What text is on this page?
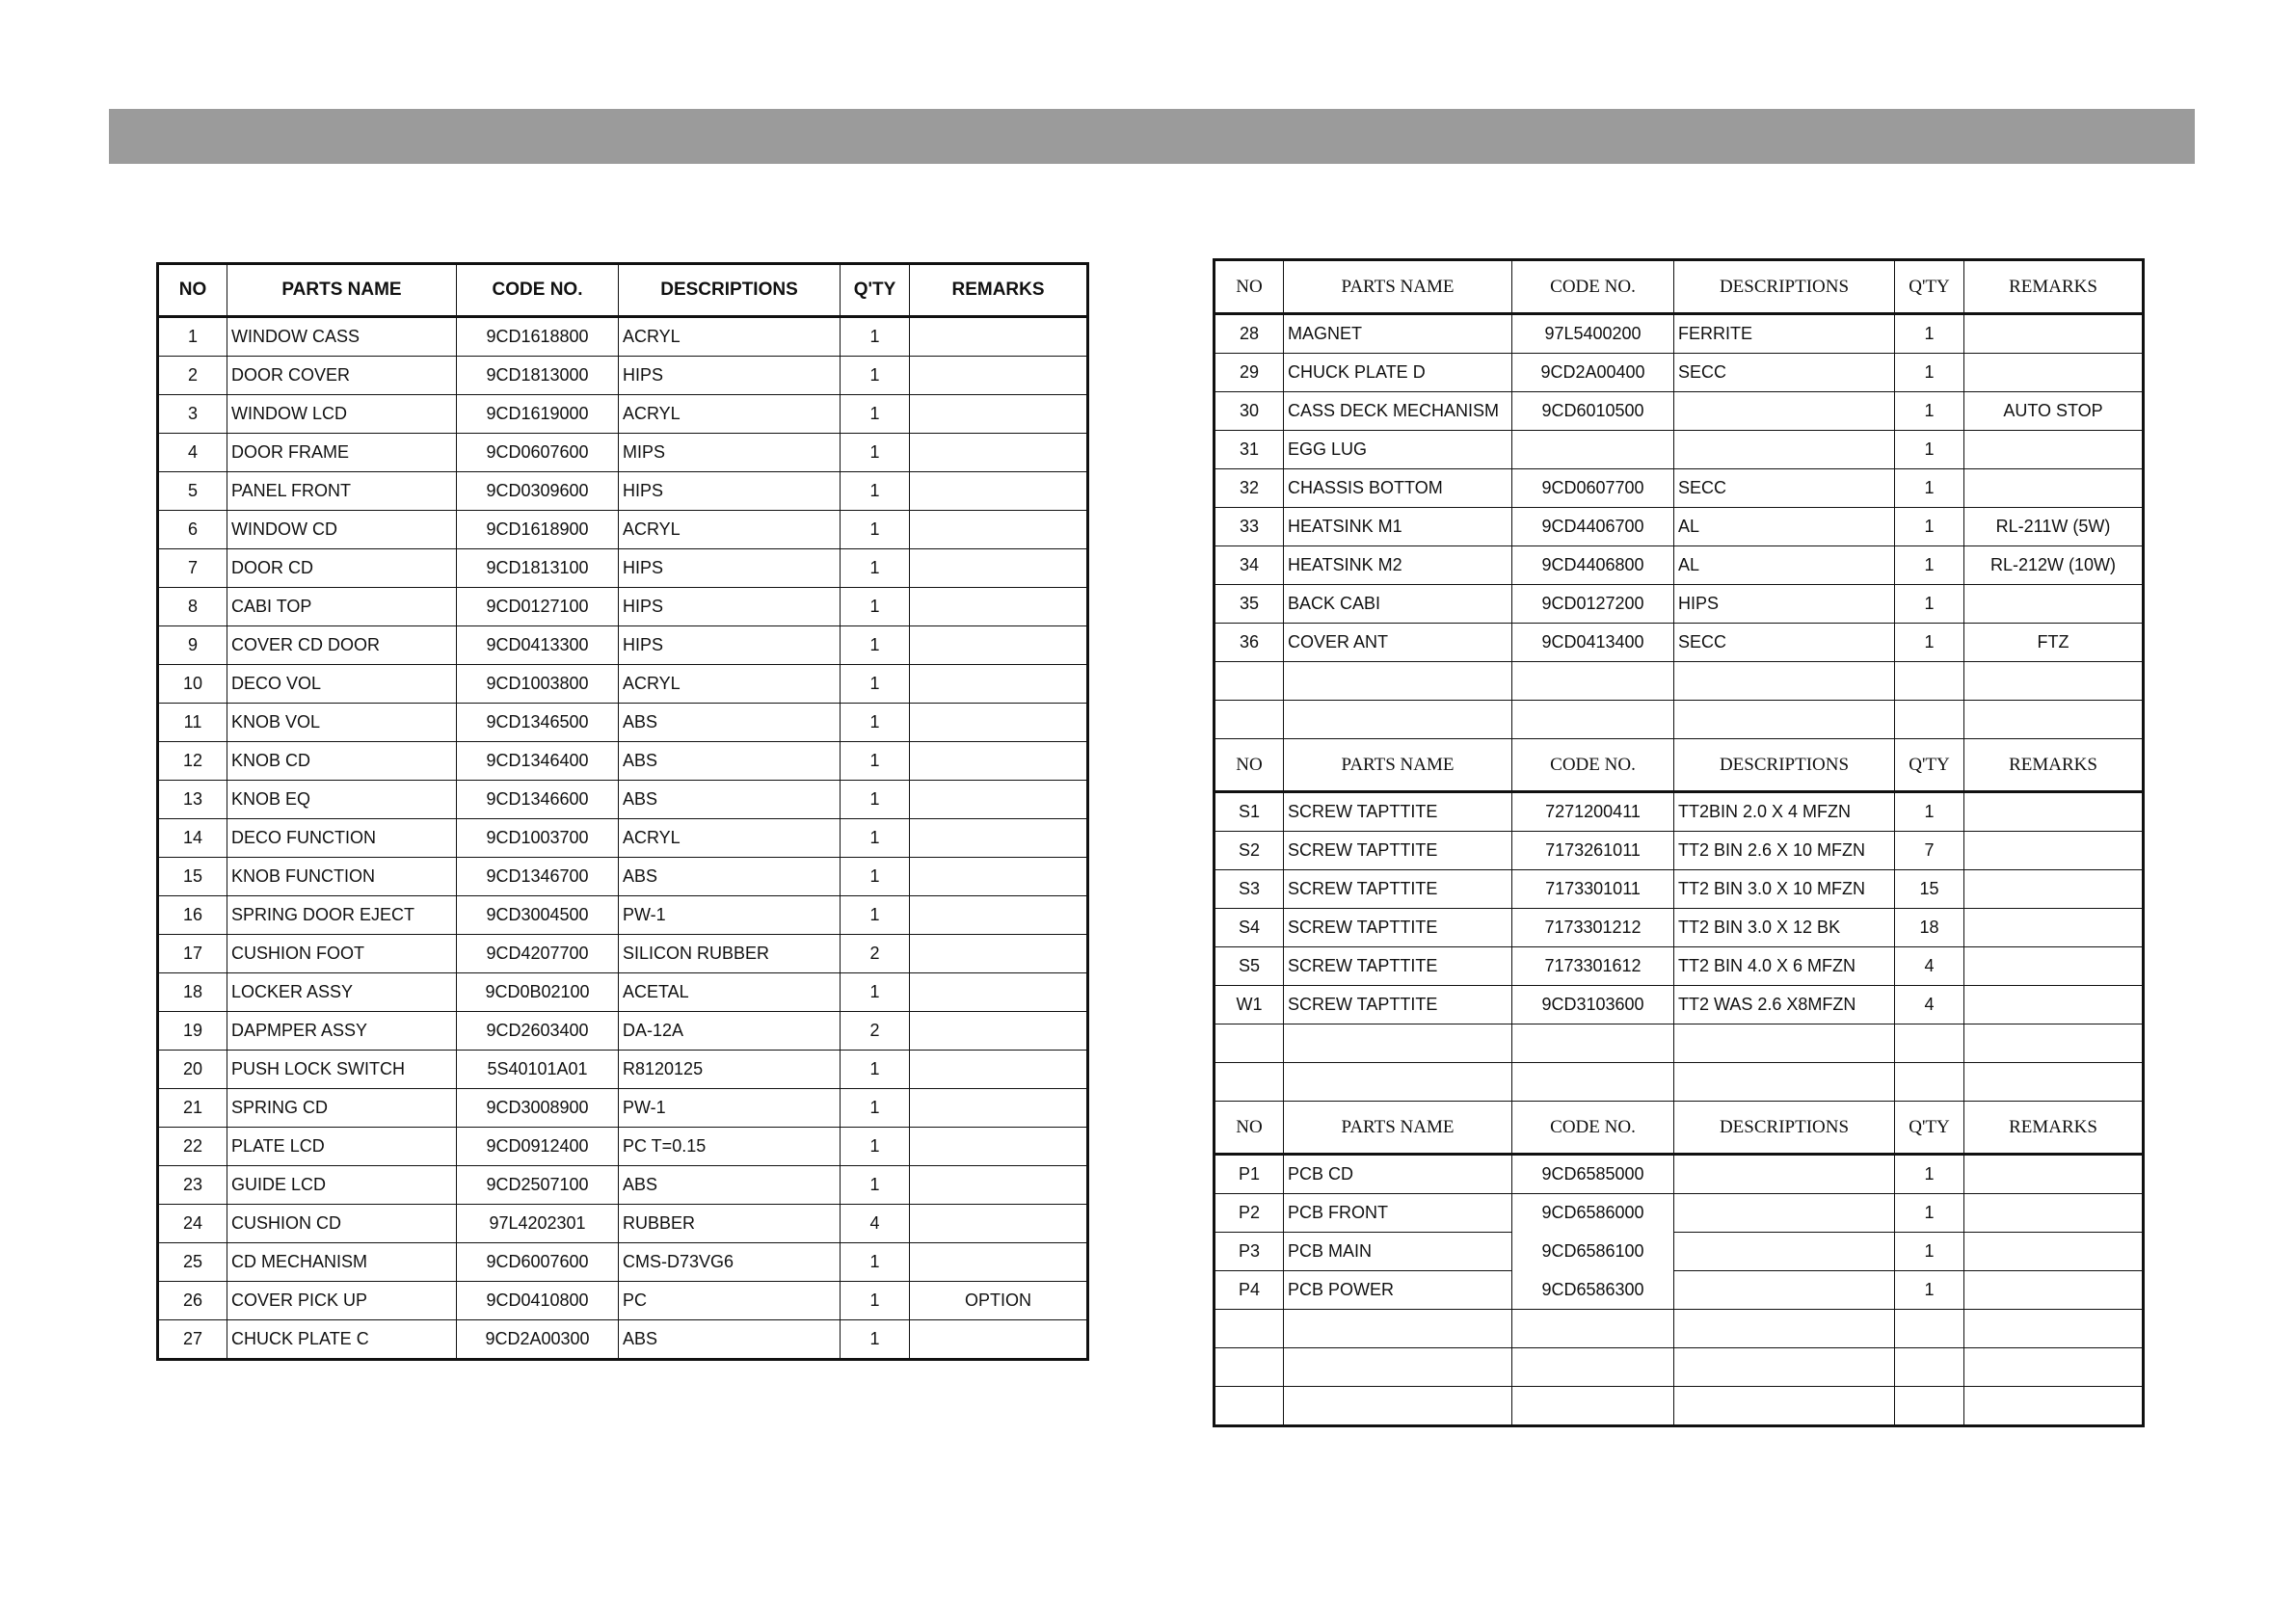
NO	PARTS NAME	CODE NO.	DESCRIPTIONS	Q'TY	REMARKS
1	WINDOW CASS	9CD1618800	ACRYL	1	
2	DOOR COVER	9CD1813000	HIPS	1	
3	WINDOW LCD	9CD1619000	ACRYL	1	
4	DOOR FRAME	9CD0607600	MIPS	1	
5	PANEL FRONT	9CD0309600	HIPS	1	
6	WINDOW CD	9CD1618900	ACRYL	1	
7	DOOR CD	9CD1813100	HIPS	1	
8	CABI TOP	9CD0127100	HIPS	1	
9	COVER CD DOOR	9CD0413300	HIPS	1	
10	DECO VOL	9CD1003800	ACRYL	1	
11	KNOB VOL	9CD1346500	ABS	1	
12	KNOB CD	9CD1346400	ABS	1	
13	KNOB EQ	9CD1346600	ABS	1	
14	DECO FUNCTION	9CD1003700	ACRYL	1	
15	KNOB FUNCTION	9CD1346700	ABS	1	
16	SPRING DOOR EJECT	9CD3004500	PW-1	1	
17	CUSHION FOOT	9CD4207700	SILICON RUBBER	2	
18	LOCKER ASSY	9CD0B02100	ACETAL	1	
19	DAPMPER ASSY	9CD2603400	DA-12A	2	
20	PUSH LOCK SWITCH	5S40101A01	R8120125	1	
21	SPRING CD	9CD3008900	PW-1	1	
22	PLATE LCD	9CD0912400	PC T=0.15	1	
23	GUIDE LCD	9CD2507100	ABS	1	
24	CUSHION CD	97L4202301	RUBBER	4	
25	CD MECHANISM	9CD6007600	CMS-D73VG6	1	
26	COVER PICK UP	9CD0410800	PC	1	OPTION
27	CHUCK PLATE C	9CD2A00300	ABS	1	
NO	PARTS NAME	CODE NO.	DESCRIPTIONS	Q'TY	REMARKS
28	MAGNET	97L5400200	FERRITE	1	
29	CHUCK PLATE D	9CD2A00400	SECC	1	
30	CASS DECK MECHANISM	9CD6010500		1	AUTO STOP
31	EGG LUG			1	
32	CHASSIS BOTTOM	9CD0607700	SECC	1	
33	HEATSINK M1	9CD4406700	AL	1	RL-211W (5W)
34	HEATSINK M2	9CD4406800	AL	1	RL-212W (10W)
35	BACK CABI	9CD0127200	HIPS	1	
36	COVER ANT	9CD0413400	SECC	1	FTZ

NO	PARTS NAME	CODE NO.	DESCRIPTIONS	Q'TY	REMARKS
S1	SCREW TAPTTITE	7271200411	TT2BIN 2.0 X 4 MFZN	1	
S2	SCREW TAPTTITE	7173261011	TT2 BIN 2.6 X 10 MFZN	7	
S3	SCREW TAPTTITE	7173301011	TT2 BIN 3.0 X 10 MFZN	15	
S4	SCREW TAPTTITE	7173301212	TT2 BIN 3.0 X 12 BK	18	
S5	SCREW TAPTTITE	7173301612	TT2 BIN 4.0 X 6 MFZN	4	
W1	SCREW TAPTTITE	9CD3103600	TT2 WAS 2.6 X8MFZN	4	

NO	PARTS NAME	CODE NO.	DESCRIPTIONS	Q'TY	REMARKS
P1	PCB CD	9CD6585000		1	
P2	PCB FRONT	9CD6586000		1	
P3	PCB MAIN	9CD6586100		1	
P4	PCB POWER	9CD6586300		1	
